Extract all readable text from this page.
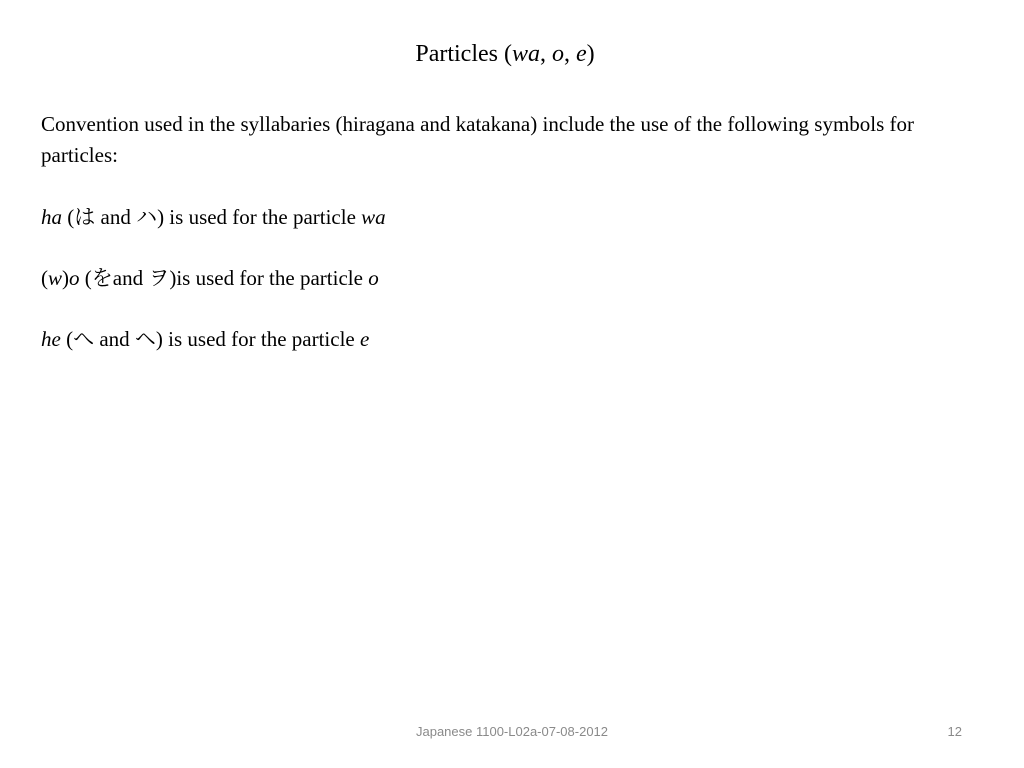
Particles (wa, o, e)

Convention used in the syllabaries (hiragana and katakana) include the use of the following symbols for particles:

ha (は and ハ) is used for the particle wa

(w)o (をand ヲ)is used for the particle o

he (へ and ヘ) is used for the particle e

Japanese 1100-L02a-07-08-2012	12
